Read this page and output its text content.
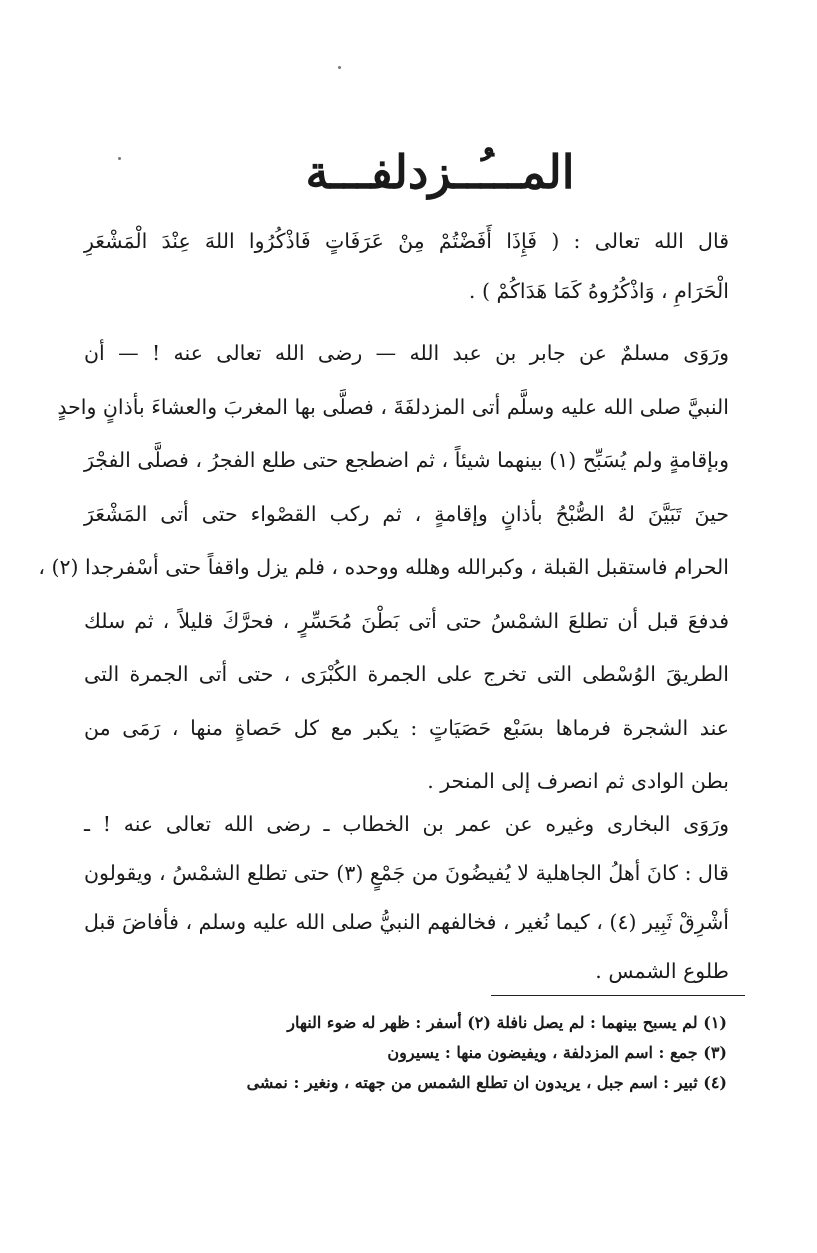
المـــُــزدلفـــة
قال الله تعالى : ( فَإِذَا أَفَضْتُمْ مِنْ عَرَفَاتٍ فَاذْكُرُوا اللهَ عِنْدَ الْمَشْعَرِ
الْحَرَامِ ، وَاذْكُرُوهُ كَمَا هَدَاكُمْ ) .
ورَوَى مسلمٌ عن جابر بن عبد الله — رضى الله تعالى عنه ! — أن
النبيَّ صلى الله عليه وسلَّم أتى المزدلفَةَ ، فصلَّى بها المغربَ والعشاءَ بأذانٍ واحدٍ
وبإقامةٍ ولم يُسَبِّح (١) بينهما شيئاً ، ثم اضطجع حتى طلع الفجرُ ، فصلَّى الفجْرَ
حينَ تَبَيَّنَ لهُ الصُّبْحُ بأذانٍ وإقامةٍ ، ثم ركب القصْواء حتى أتى المَشْعَرَ
الحرام فاستقبل القبلة ، وكبرالله وهلله ووحده ، فلم يزل واقفاً حتى أسْفرجدا (٢) ،
فدفعَ قبل أن تطلعَ الشمْسُ حتى أتى بَطْنَ مُحَسِّرٍ ، فحرَّكَ قليلاً ، ثم سلك
الطريقَ الوُسْطى التى تخرج على الجمرة الكُبْرَى ، حتى أتى الجمرة التى
عند الشجرة فرماها بسَبْع حَصَيَاتٍ : يكبر مع كل حَصاةٍ منها ، رَمَى من
بطن الوادى ثم انصرف إلى المنحر .
ورَوَى البخارى وغيره عن عمر بن الخطاب ـ رضى الله تعالى عنه ! ـ
قال : كانَ أهلُ الجاهلية لا يُفيضُونَ من جَمْعٍ (٣) حتى تطلع الشمْسُ ، ويقولون
أشْرِقْ ثَبِير (٤) ، كيما نُغير ، فخالفهم النبيُّ صلى الله عليه وسلم ، فأفاضَ قبل
طلوع الشمس .
(١) لم يسبح بينهما : لم يصل نافلة (٢) أسفر : ظهر له ضوء النهار
(٣) جمع : اسم المزدلفة ، ويفيضون منها : يسيرون
(٤) ثبير : اسم جبل ، يريدون ان تطلع الشمس من جهته ، ونغير : نمشى
